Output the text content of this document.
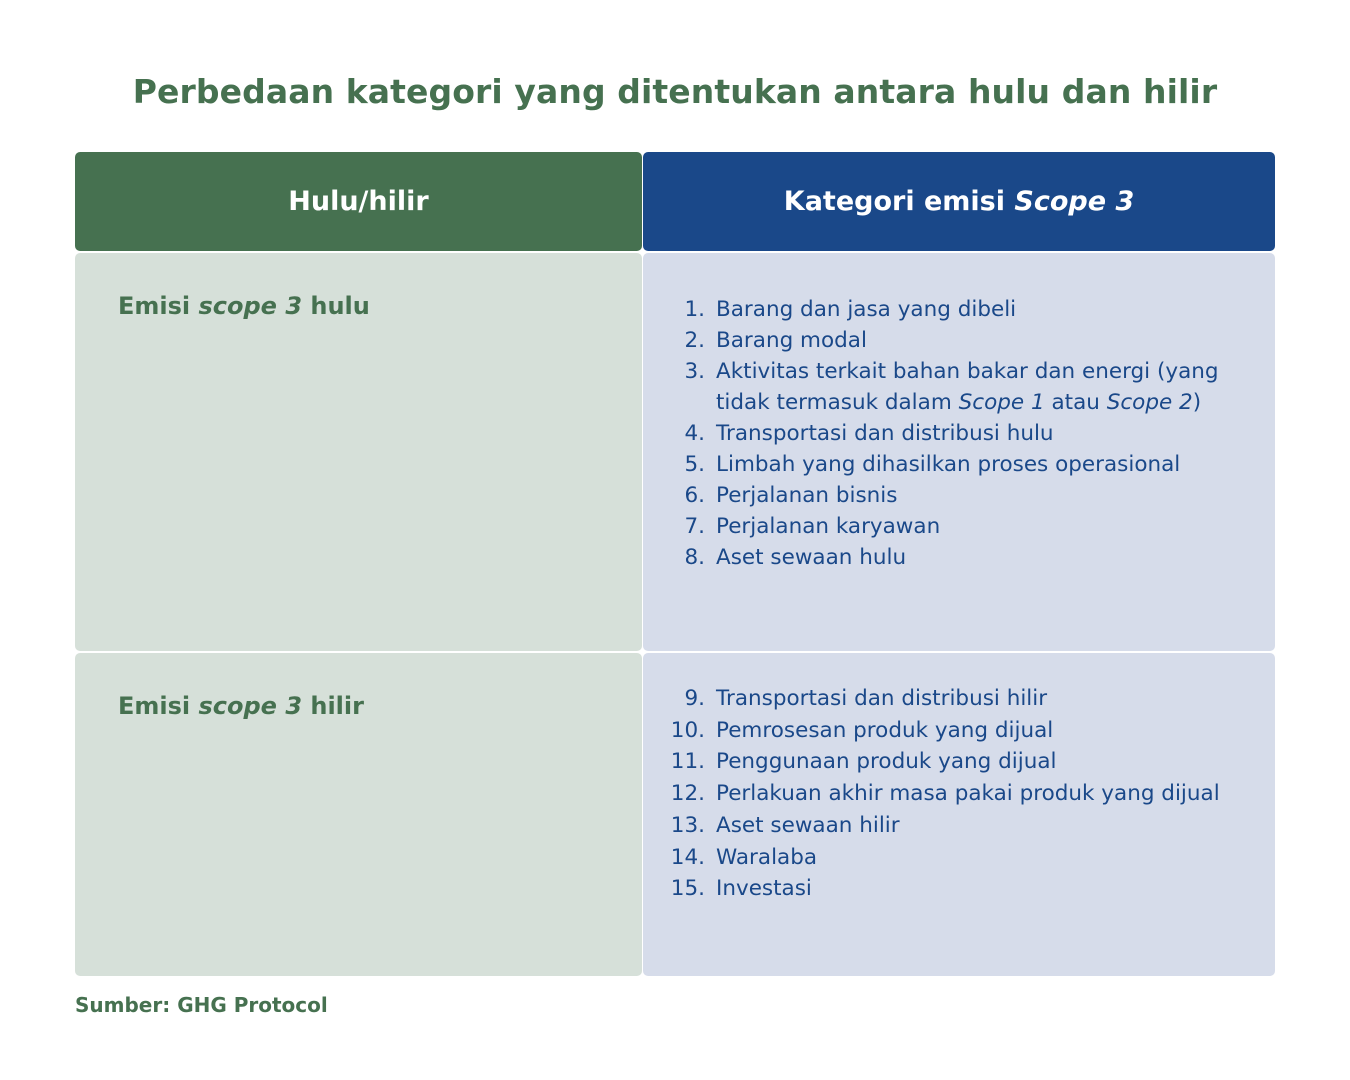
Perbedaan kategori yang ditentukan antara hulu dan hilir
Hulu/hilir	Kategori emisi Scope 3
Emisi scope 3 hulu	1. Barang dan jasa yang dibeli
2. Barang modal
3. Aktivitas terkait bahan bakar dan energi (yang tidak termasuk dalam Scope 1 atau Scope 2)
4. Transportasi dan distribusi hulu
5. Limbah yang dihasilkan proses operasional
6. Perjalanan bisnis
7. Perjalanan karyawan
8. Aset sewaan hulu
Emisi scope 3 hilir	9. Transportasi dan distribusi hilir
10. Pemrosesan produk yang dijual
11. Penggunaan produk yang dijual
12. Perlakuan akhir masa pakai produk yang dijual
13. Aset sewaan hilir
14. Waralaba
15. Investasi
Sumber: GHG Protocol
